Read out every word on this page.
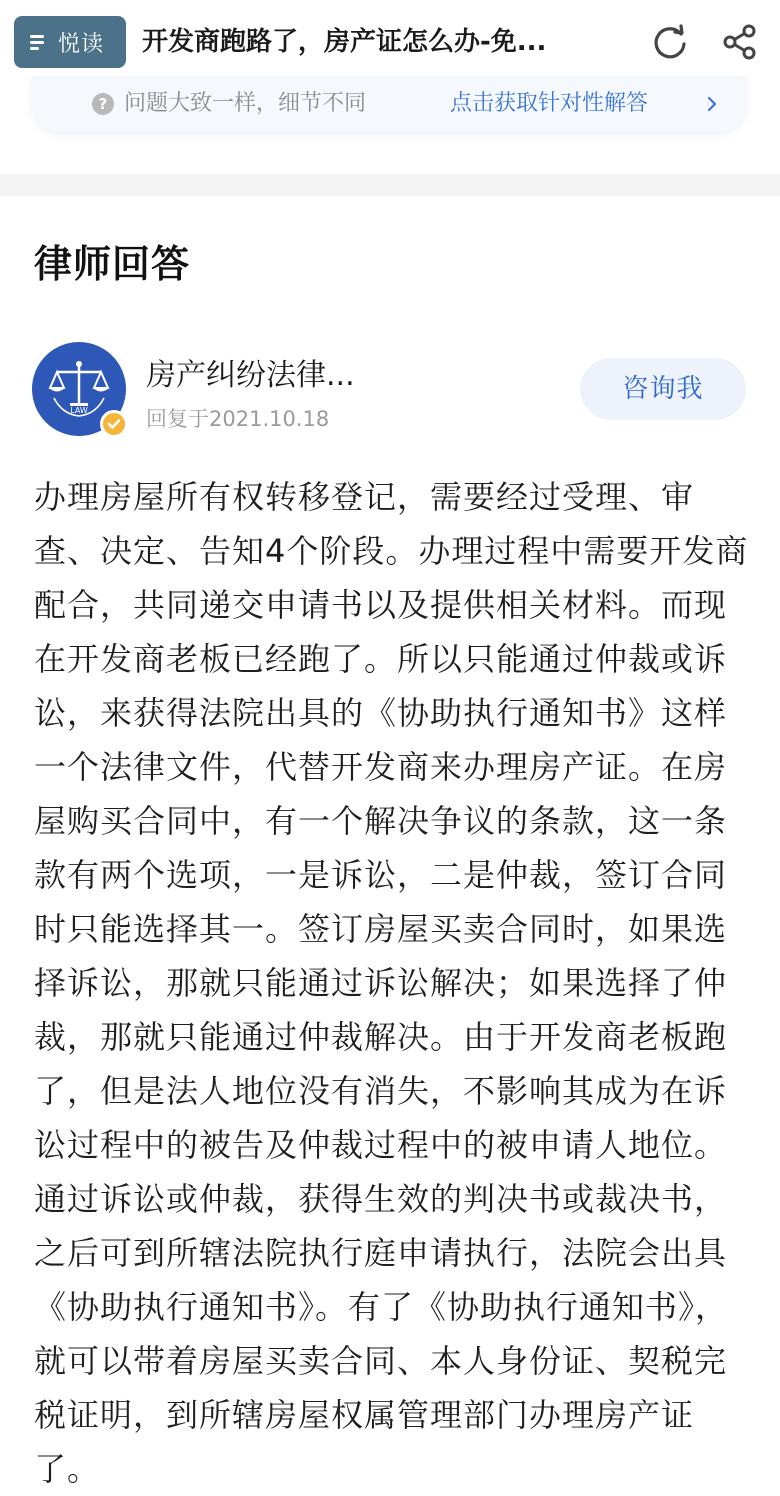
悦读 开发商跑路了，房产证怎么办-免...
? 问题大致一样，细节不同	点击获取针对性解答
律师回答
LAW
房产纠纷法律...
回复于2021.10.18
咨询我

办理房屋所有权转移登记，需要经过受理、审查、决定、告知4个阶段。办理过程中需要开发商配合，共同递交申请书以及提供相关材料。而现在开发商老板已经跑了。所以只能通过仲裁或诉讼，来获得法院出具的《协助执行通知书》这样一个法律文件，代替开发商来办理房产证。在房屋购买合同中，有一个解决争议的条款，这一条款有两个选项，一是诉讼，二是仲裁，签订合同时只能选择其一。签订房屋买卖合同时，如果选择诉讼，那就只能通过诉讼解决；如果选择了仲裁，那就只能通过仲裁解决。由于开发商老板跑了，但是法人地位没有消失，不影响其成为在诉讼过程中的被告及仲裁过程中的被申请人地位。通过诉讼或仲裁，获得生效的判决书或裁决书，之后可到所辖法院执行庭申请执行，法院会出具《协助执行通知书》。有了《协助执行通知书》，就可以带着房屋买卖合同、本人身份证、契税完税证明，到所辖房屋权属管理部门办理房产证了。
